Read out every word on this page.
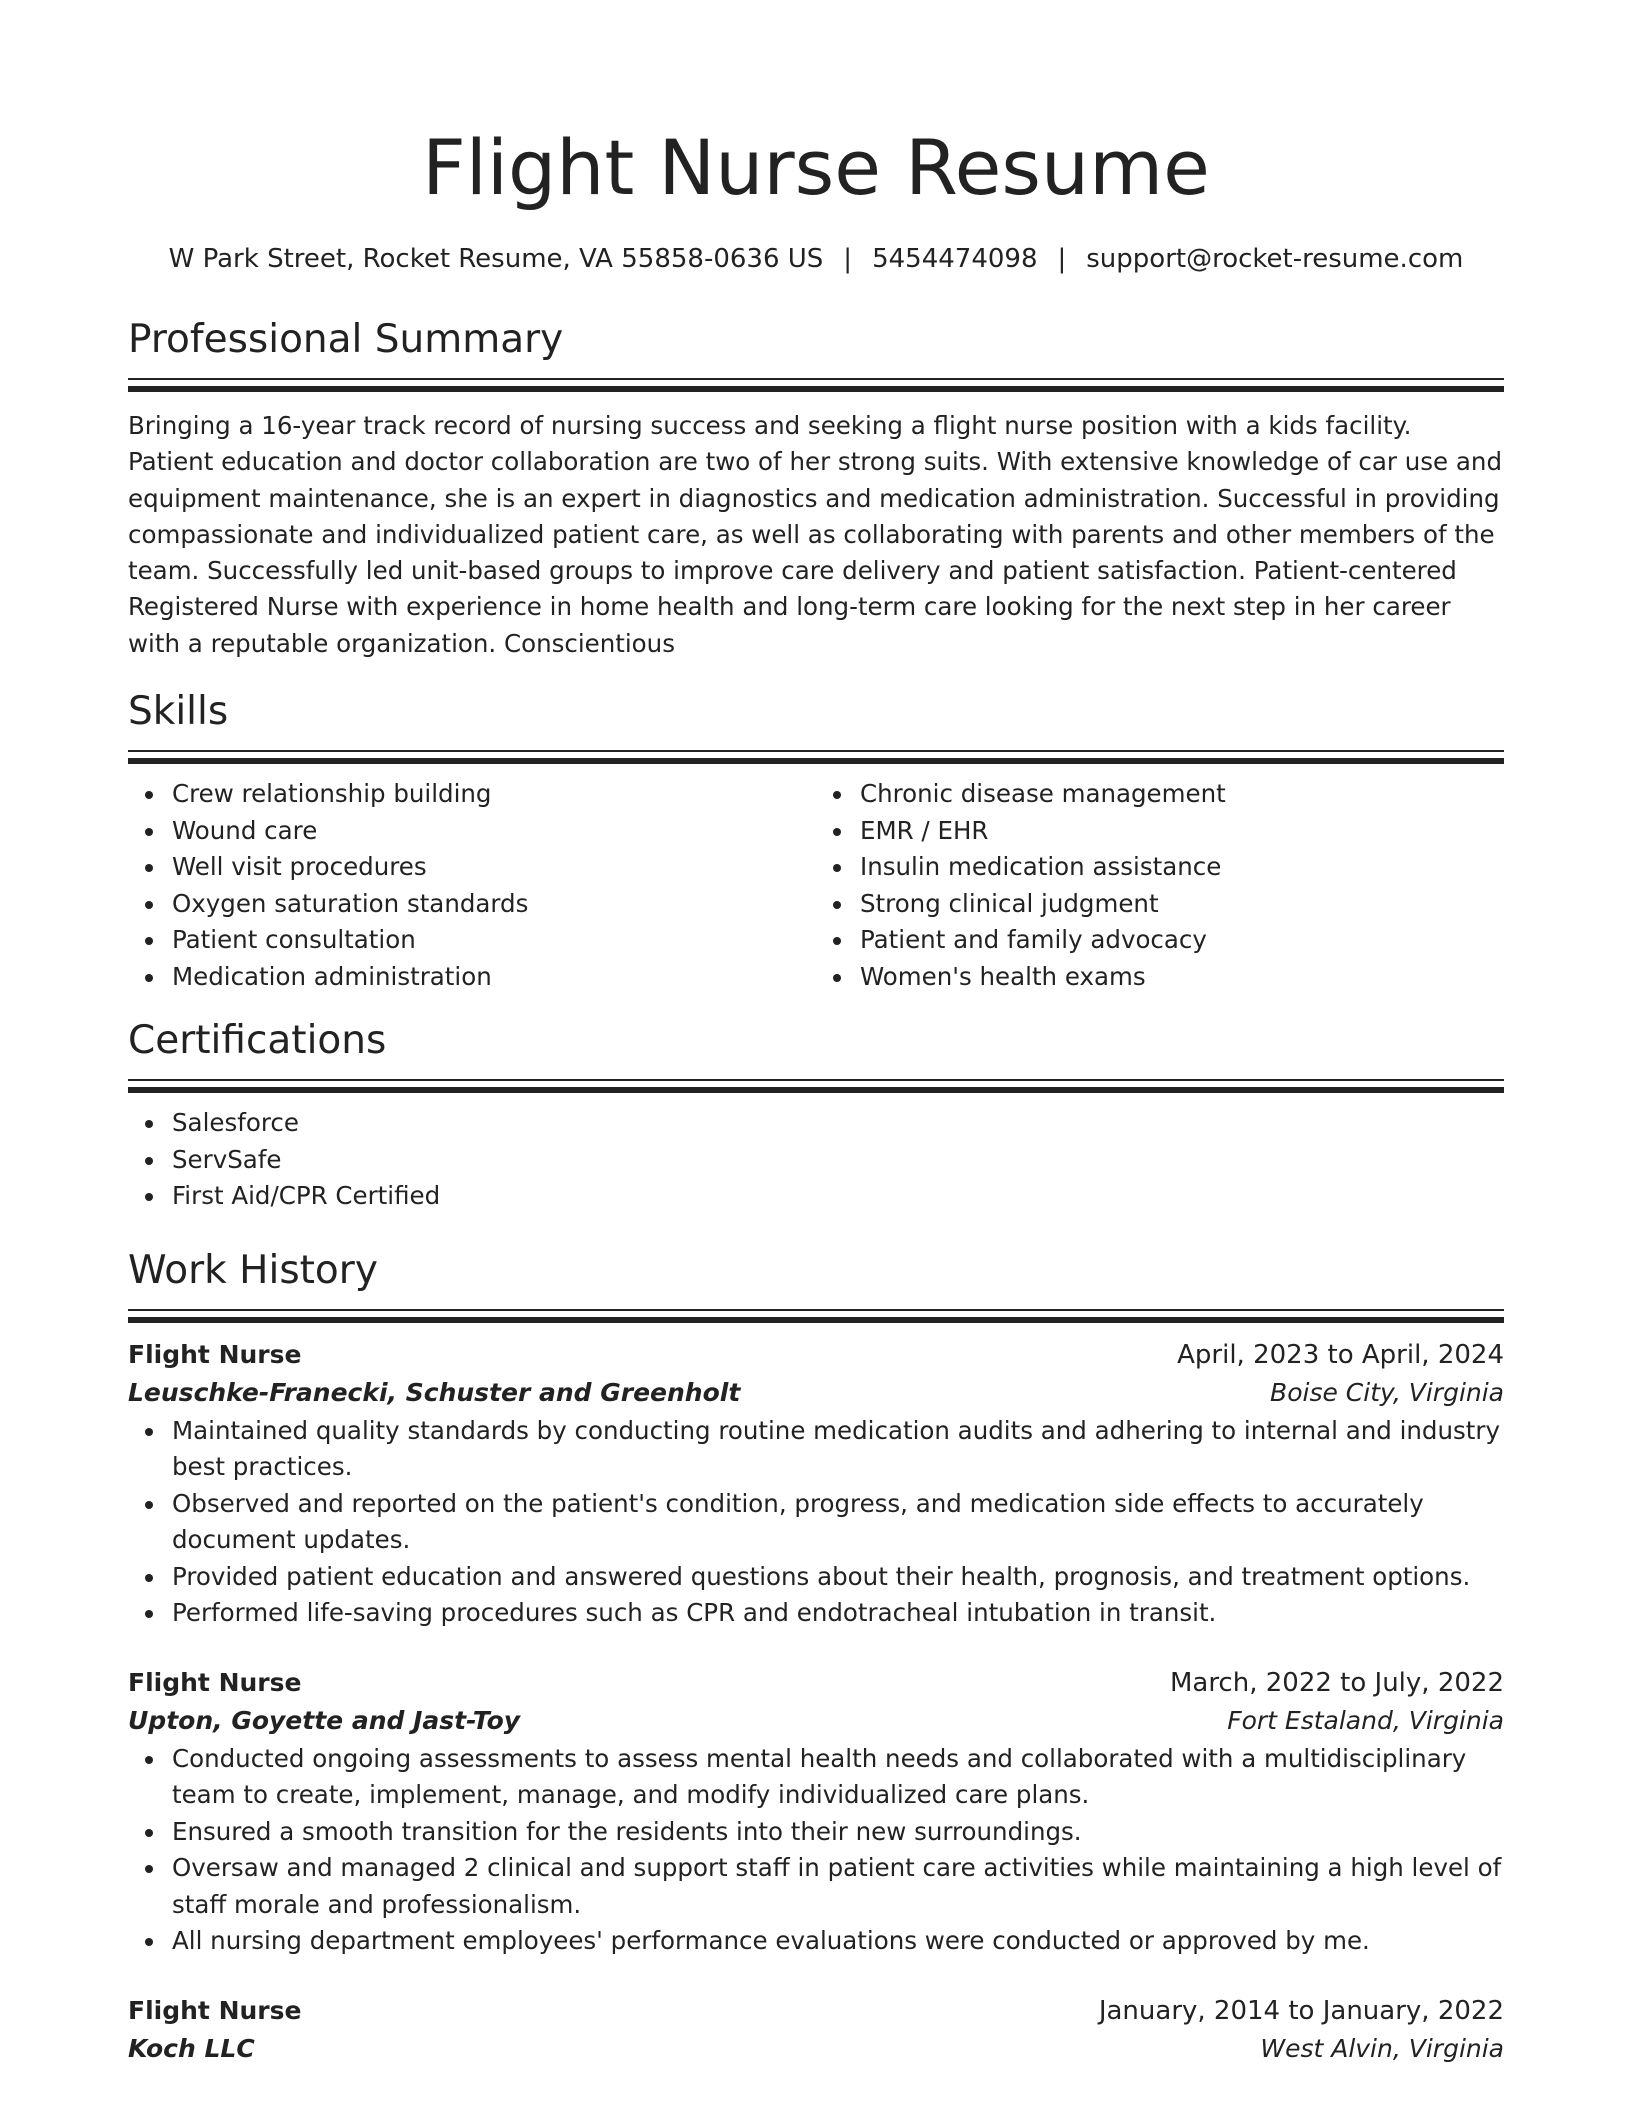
Flight Nurse Resume
W Park Street, Rocket Resume, VA 55858-0636 US | 5454474098 | support@rocket-resume.com
Professional Summary

Bringing a 16-year track record of nursing success and seeking a flight nurse position with a kids facility. Patient education and doctor collaboration are two of her strong suits. With extensive knowledge of car use and equipment maintenance, she is an expert in diagnostics and medication administration. Successful in providing compassionate and individualized patient care, as well as collaborating with parents and other members of the team. Successfully led unit-based groups to improve care delivery and patient satisfaction. Patient-centered Registered Nurse with experience in home health and long-term care looking for the next step in her career with a reputable organization. Conscientious

Skills
Crew relationship building
Wound care
Well visit procedures
Oxygen saturation standards
Patient consultation
Medication administration
Chronic disease management
EMR / EHR
Insulin medication assistance
Strong clinical judgment
Patient and family advocacy
Women's health exams
Certifications
Salesforce
ServSafe
First Aid/CPR Certified
Work History
Flight Nurse	April, 2023 to April, 2024
Leuschke-Franecki, Schuster and Greenholt	Boise City, Virginia
Maintained quality standards by conducting routine medication audits and adhering to internal and industry best practices.
Observed and reported on the patient's condition, progress, and medication side effects to accurately document updates.
Provided patient education and answered questions about their health, prognosis, and treatment options.
Performed life-saving procedures such as CPR and endotracheal intubation in transit.
Flight Nurse	March, 2022 to July, 2022
Upton, Goyette and Jast-Toy	Fort Estaland, Virginia
Conducted ongoing assessments to assess mental health needs and collaborated with a multidisciplinary team to create, implement, manage, and modify individualized care plans.
Ensured a smooth transition for the residents into their new surroundings.
Oversaw and managed 2 clinical and support staff in patient care activities while maintaining a high level of staff morale and professionalism.
All nursing department employees' performance evaluations were conducted or approved by me.
Flight Nurse	January, 2014 to January, 2022
Koch LLC	West Alvin, Virginia
